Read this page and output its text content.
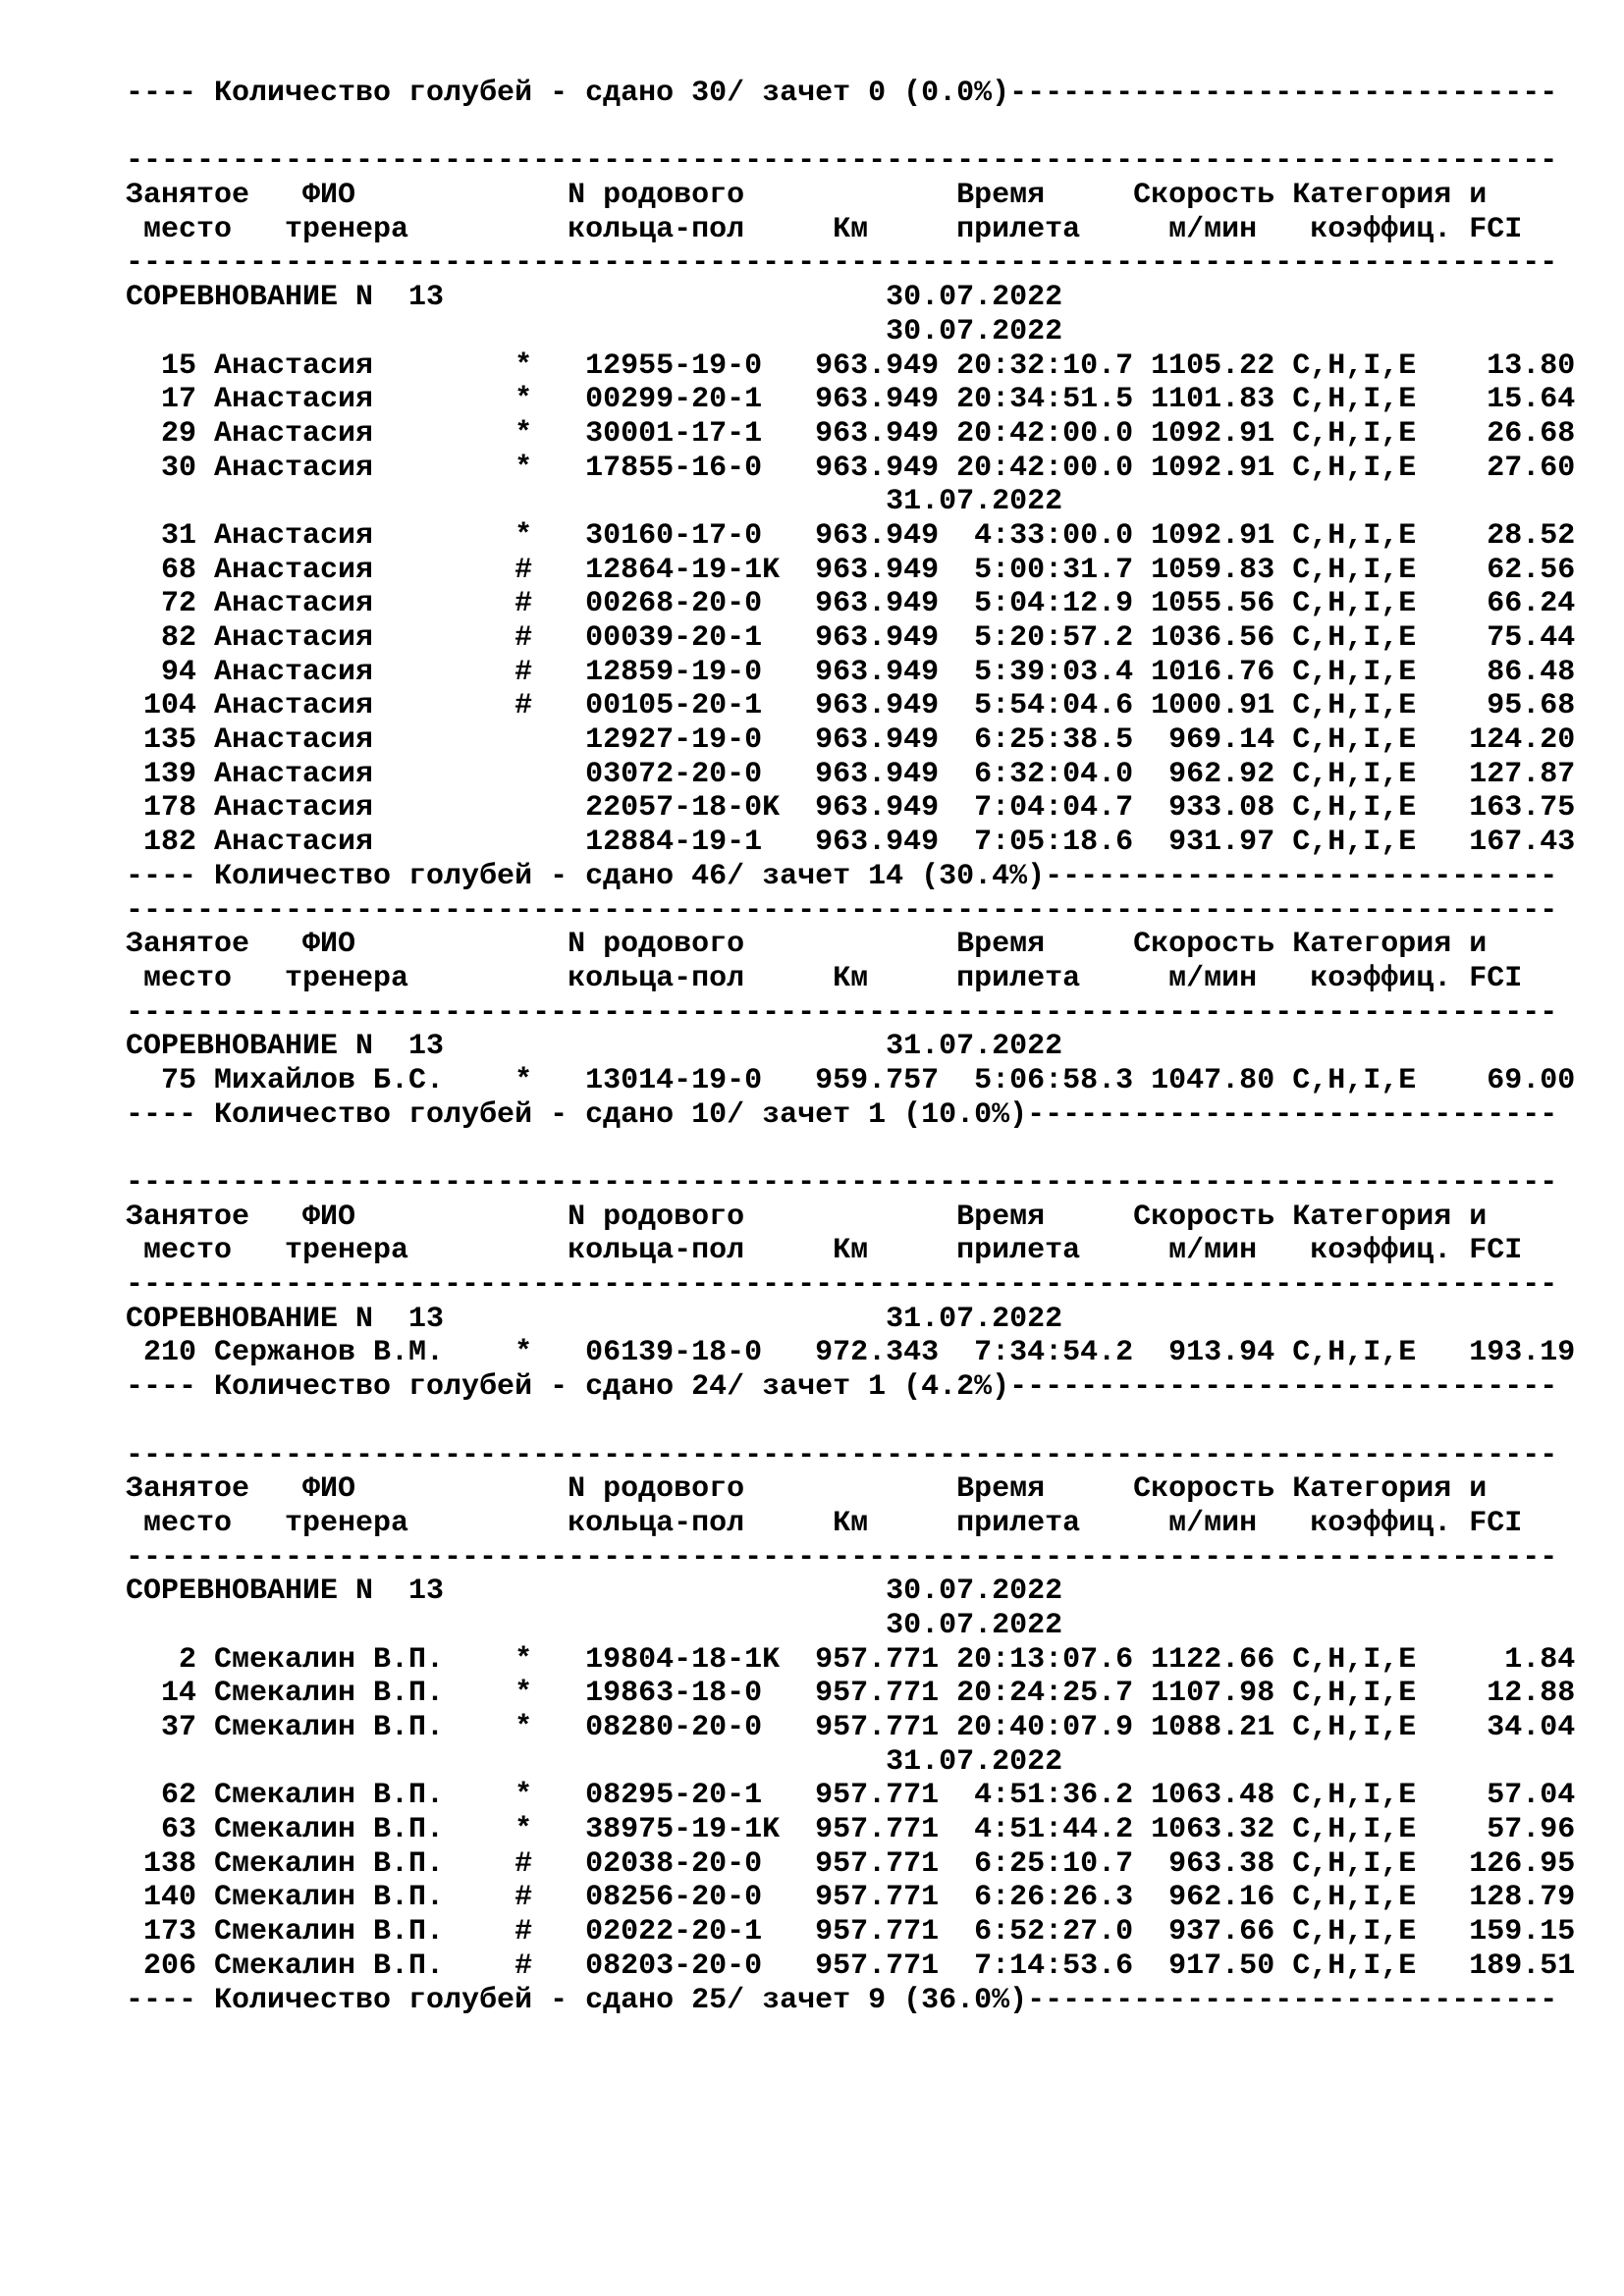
---- Количество голубей - сдано 30/ зачет 0 (0.0%)-------------------------------
---------------------------------------------------------------------------------
Занятое   ФИО            N родового            Время     Скорость Категория и
место   тренера         кольца-пол     Км     прилета     м/мин   коэффиц. FCI
---------------------------------------------------------------------------------
СОРЕВНОВАНИЕ N  13                         30.07.2022
30.07.2022
15 Анастасия        *   12955-19-0   963.949 20:32:10.7 1105.22 C,H,I,E    13.80
17 Анастасия        *   00299-20-1   963.949 20:34:51.5 1101.83 C,H,I,E    15.64
29 Анастасия        *   30001-17-1   963.949 20:42:00.0 1092.91 C,H,I,E    26.68
30 Анастасия        *   17855-16-0   963.949 20:42:00.0 1092.91 C,H,I,E    27.60
31.07.2022
31 Анастасия        *   30160-17-0   963.949  4:33:00.0 1092.91 C,H,I,E    28.52
68 Анастасия        #   12864-19-1K  963.949  5:00:31.7 1059.83 C,H,I,E    62.56
72 Анастасия        #   00268-20-0   963.949  5:04:12.9 1055.56 C,H,I,E    66.24
82 Анастасия        #   00039-20-1   963.949  5:20:57.2 1036.56 C,H,I,E    75.44
94 Анастасия        #   12859-19-0   963.949  5:39:03.4 1016.76 C,H,I,E    86.48
104 Анастасия        #   00105-20-1   963.949  5:54:04.6 1000.91 C,H,I,E    95.68
135 Анастасия            12927-19-0   963.949  6:25:38.5  969.14 C,H,I,E   124.20
139 Анастасия            03072-20-0   963.949  6:32:04.0  962.92 C,H,I,E   127.87
178 Анастасия            22057-18-0K  963.949  7:04:04.7  933.08 C,H,I,E   163.75
182 Анастасия            12884-19-1   963.949  7:05:18.6  931.97 C,H,I,E   167.43
---- Количество голубей - сдано 46/ зачет 14 (30.4%)-----------------------------
---------------------------------------------------------------------------------
Занятое   ФИО            N родового            Время     Скорость Категория и
место   тренера         кольца-пол     Км     прилета     м/мин   коэффиц. FCI
---------------------------------------------------------------------------------
СОРЕВНОВАНИЕ N  13                         31.07.2022
75 Михайлов Б.С.    *   13014-19-0   959.757  5:06:58.3 1047.80 C,H,I,E    69.00
---- Количество голубей - сдано 10/ зачет 1 (10.0%)------------------------------
---------------------------------------------------------------------------------
Занятое   ФИО            N родового            Время     Скорость Категория и
место   тренера         кольца-пол     Км     прилета     м/мин   коэффиц. FCI
---------------------------------------------------------------------------------
СОРЕВНОВАНИЕ N  13                         31.07.2022
210 Сержанов В.М.    *   06139-18-0   972.343  7:34:54.2  913.94 C,H,I,E   193.19
---- Количество голубей - сдано 24/ зачет 1 (4.2%)-------------------------------
---------------------------------------------------------------------------------
Занятое   ФИО            N родового            Время     Скорость Категория и
место   тренера         кольца-пол     Км     прилета     м/мин   коэффиц. FCI
---------------------------------------------------------------------------------
СОРЕВНОВАНИЕ N  13                         30.07.2022
30.07.2022
2 Смекалин В.П.    *   19804-18-1K  957.771 20:13:07.6 1122.66 C,H,I,E     1.84
14 Смекалин В.П.    *   19863-18-0   957.771 20:24:25.7 1107.98 C,H,I,E    12.88
37 Смекалин В.П.    *   08280-20-0   957.771 20:40:07.9 1088.21 C,H,I,E    34.04
31.07.2022
62 Смекалин В.П.    *   08295-20-1   957.771  4:51:36.2 1063.48 C,H,I,E    57.04
63 Смекалин В.П.    *   38975-19-1K  957.771  4:51:44.2 1063.32 C,H,I,E    57.96
138 Смекалин В.П.    #   02038-20-0   957.771  6:25:10.7  963.38 C,H,I,E   126.95
140 Смекалин В.П.    #   08256-20-0   957.771  6:26:26.3  962.16 C,H,I,E   128.79
173 Смекалин В.П.    #   02022-20-1   957.771  6:52:27.0  937.66 C,H,I,E   159.15
206 Смекалин В.П.    #   08203-20-0   957.771  7:14:53.6  917.50 C,H,I,E   189.51
---- Количество голубей - сдано 25/ зачет 9 (36.0%)------------------------------
